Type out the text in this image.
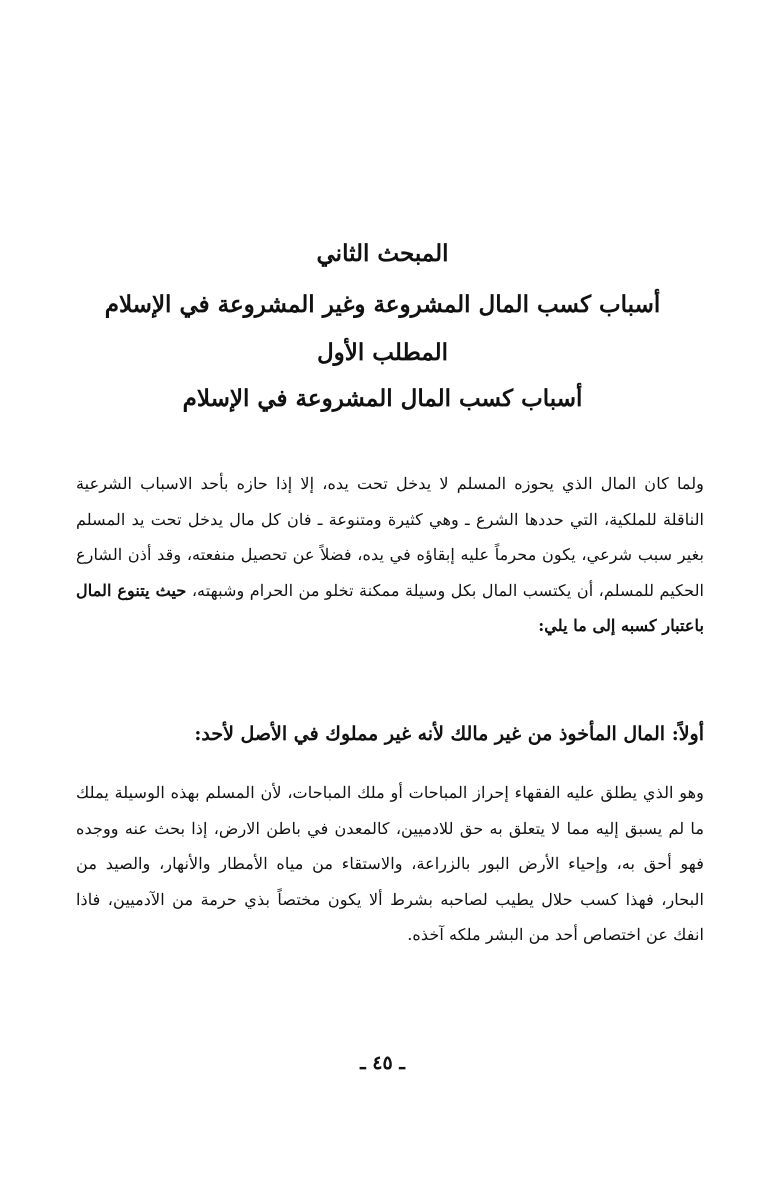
المبحث الثاني
أسباب كسب المال المشروعة وغير المشروعة في الإسلام
المطلب الأول
أسباب كسب المال المشروعة في الإسلام

ولما كان المال الذي يحوزه المسلم لا يدخل تحت يده، إلا إذا حازه بأحد الاسباب الشرعية الناقلة للملكية، التي حددها الشرع ـ وهي كثيرة ومتنوعة ـ فان كل مال يدخل تحت يد المسلم بغير سبب شرعي، يكون محرماً عليه إبقاؤه في يده، فضلاً عن تحصيل منفعته، وقد أذن الشارع الحكيم للمسلم، أن يكتسب المال بكل وسيلة ممكنة تخلو من الحرام وشبهته، حيث يتنوع المال باعتبار كسبه إلى ما يلي:

أولاً: المال المأخوذ من غير مالك لأنه غير مملوك في الأصل لأحد:

وهو الذي يطلق عليه الفقهاء إحراز المباحات أو ملك المباحات، لأن المسلم بهذه الوسيلة يملك ما لم يسبق إليه مما لا يتعلق به حق للادميين، كالمعدن في باطن الارض، إذا بحث عنه ووجده فهو أحق به، وإحياء الأرض البور بالزراعة، والاستقاء من مياه الأمطار والأنهار، والصيد من البحار، فهذا كسب حلال يطيب لصاحبه بشرط ألا يكون مختصاً بذي حرمة من الآدميين، فاذا انفك عن اختصاص أحد من البشر ملكه آخذه.

ـ ٤٥ ـ
